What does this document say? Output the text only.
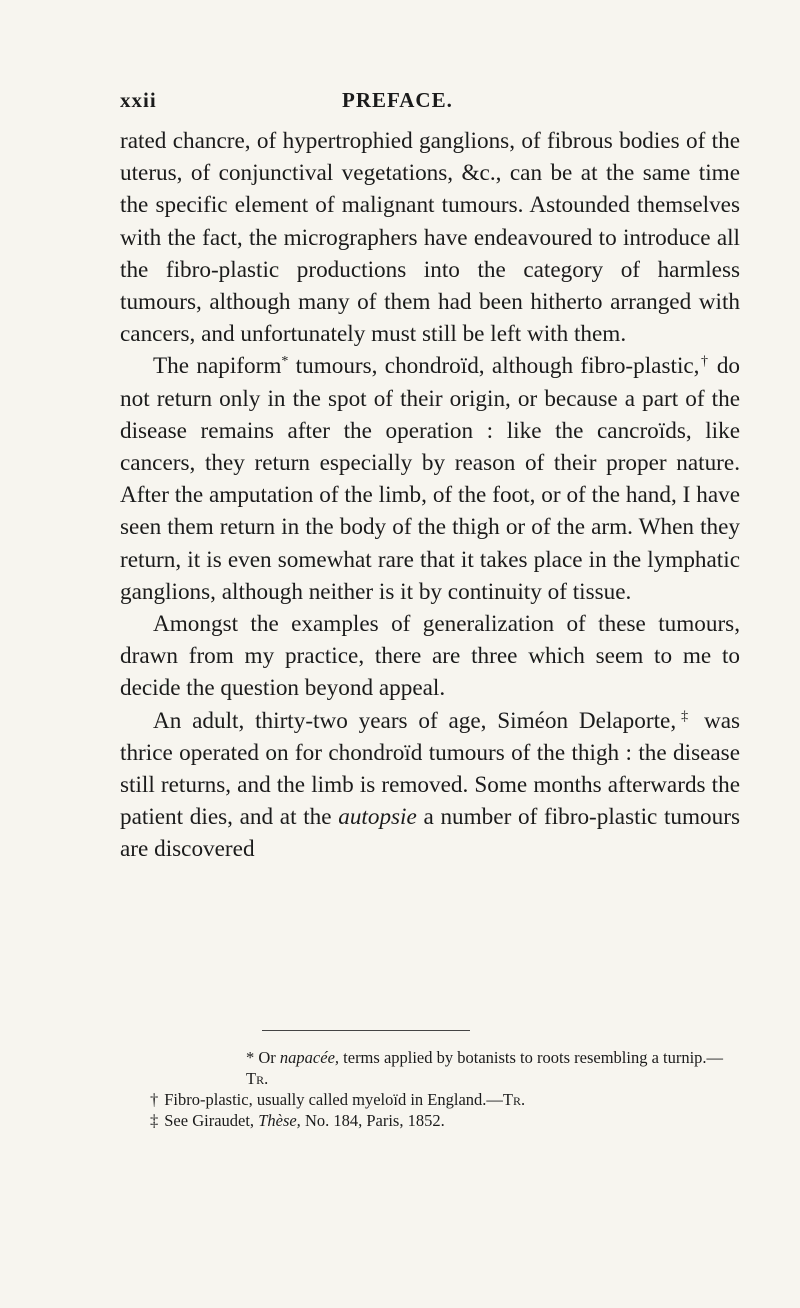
xxii	PREFACE.

rated chancre, of hypertrophied ganglions, of fibrous bodies of the uterus, of conjunctival vegetations, &c., can be at the same time the specific element of malignant tumours. Astounded themselves with the fact, the micrographers have endeavoured to introduce all the fibro-plastic productions into the category of harmless tumours, although many of them had been hitherto arranged with cancers, and unfortunately must still be left with them.

The napiform* tumours, chondroïd, although fibro-plastic,† do not return only in the spot of their origin, or because a part of the disease remains after the operation : like the cancroïds, like cancers, they return especially by reason of their proper nature. After the amputation of the limb, of the foot, or of the hand, I have seen them return in the body of the thigh or of the arm. When they return, it is even somewhat rare that it takes place in the lymphatic ganglions, although neither is it by continuity of tissue.

Amongst the examples of generalization of these tumours, drawn from my practice, there are three which seem to me to decide the question beyond appeal.

An adult, thirty-two years of age, Siméon Delaporte,‡ was thrice operated on for chondroïd tumours of the thigh : the disease still returns, and the limb is removed. Some months afterwards the patient dies, and at the autopsie a number of fibro-plastic tumours are discovered

* Or napacée, terms applied by botanists to roots resembling a turnip.—Tr.

† Fibro-plastic, usually called myeloïd in England.—Tr.

‡ See Giraudet, Thèse, No. 184, Paris, 1852.
